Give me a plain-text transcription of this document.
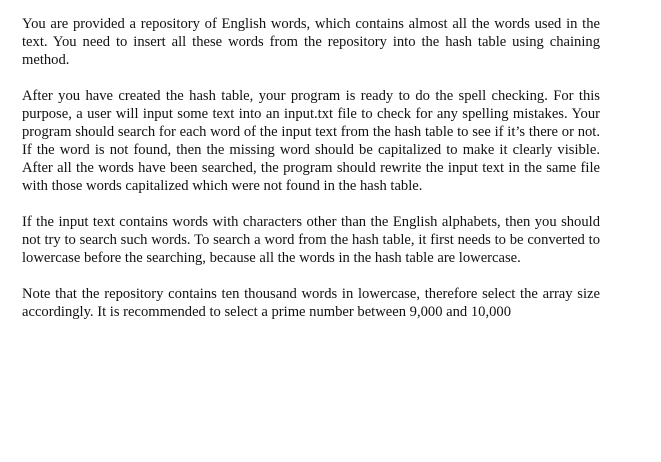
You are provided a repository of English words, which contains almost all the words used in the text. You need to insert all these words from the repository into the hash table using chaining method.

After you have created the hash table, your program is ready to do the spell checking. For this purpose, a user will input some text into an input.txt file to check for any spelling mistakes. Your program should search for each word of the input text from the hash table to see if it’s there or not. If the word is not found, then the missing word should be capitalized to make it clearly visible. After all the words have been searched, the program should rewrite the input text in the same file with those words capitalized which were not found in the hash table.

If the input text contains words with characters other than the English alphabets, then you should not try to search such words. To search a word from the hash table, it first needs to be converted to lowercase before the searching, because all the words in the hash table are lowercase.

Note that the repository contains ten thousand words in lowercase, therefore select the array size accordingly. It is recommended to select a prime number between 9,000 and 10,000
